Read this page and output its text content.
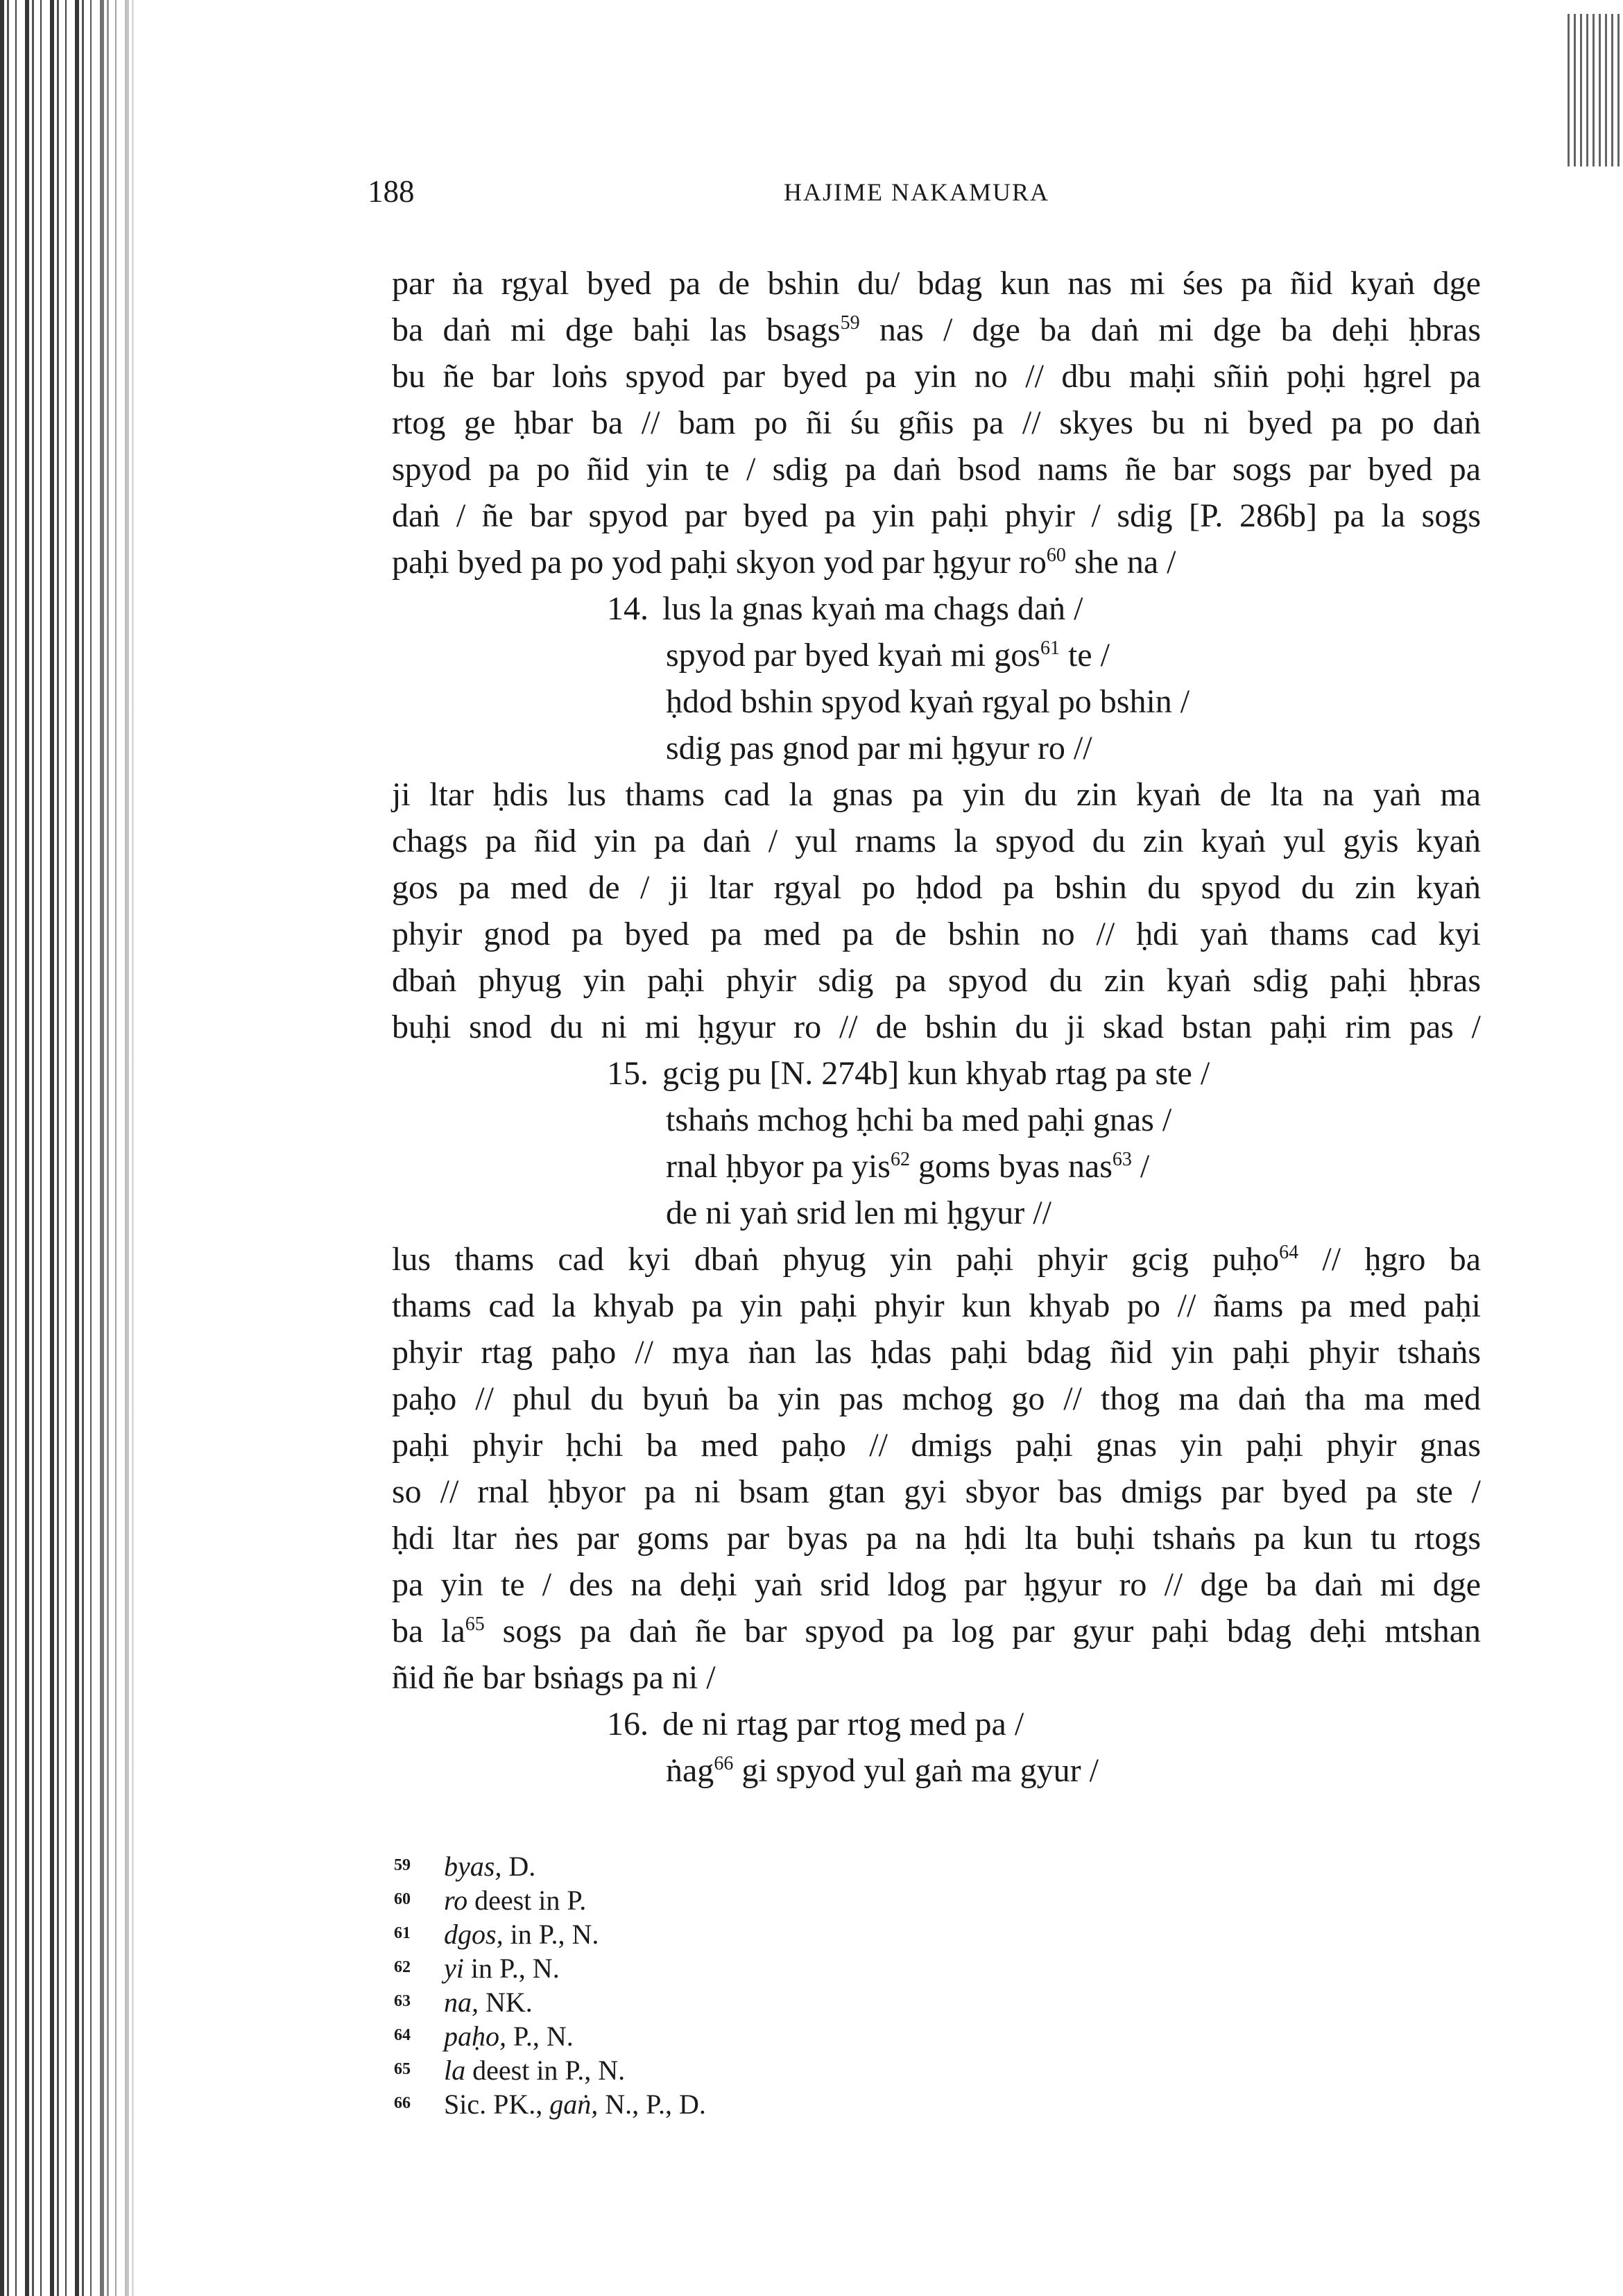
188	HAJIME NAKAMURA
par ṅa rgyal byed pa de bshin du/ bdag kun nas mi śes pa ñid kyaṅ dge
ba daṅ mi dge baḥi las bsags$^{59}$ nas / dge ba daṅ mi dge ba deḥi ḥbras
bu ñe bar loṅs spyod par byed pa yin no // dbu maḥi sñiṅ poḥi ḥgrel pa
rtog ge ḥbar ba // bam po ñi śu gñis pa // skyes bu ni byed pa po daṅ
spyod pa po ñid yin te / sdig pa daṅ bsod nams ñe bar sogs par byed pa
daṅ / ñe bar spyod par byed pa yin paḥi phyir / sdig [P. 286b] pa la sogs
paḥi byed pa po yod paḥi skyon yod par ḥgyur $ro^{60}$ she na /
14. lus la gnas kyaṅ ma chags daṅ /
spyod par byed kyaṅ mi gos$^{61}$ te /
ḥdod bshin spyod kyaṅ rgyal po bshin /
sdig pas gnod par mi ḥgyur ro //
ji ltar ḥdis lus thams cad la gnas pa yin du zin kyaṅ de lta na yaṅ ma
chags pa ñid yin pa daṅ / yul rnams la spyod du zin kyaṅ yul gyis kyaṅ
gos pa med de / ji ltar rgyal po ḥdod pa bshin du spyod du zin kyaṅ
phyir gnod pa byed pa med pa de bshin no // ḥdi yaṅ thams cad kyi
dbaṅ phyug yin paḥi phyir sdig pa spyod du zin kyaṅ sdig paḥi ḥbras
buḥi snod du ni mi ḥgyur ro // de bshin du ji skad bstan paḥi rim pas /
15. gcig pu [N. 274b] kun khyab rtag pa ste /
tshaṅs mchog ḥchi ba med paḥi gnas /
rnal ḥbyor pa yis$^{62}$ goms byas nas$^{63}$ /
de ni yaṅ srid len mi ḥgyur //
lus thams cad kyi dbaṅ phyug yin paḥi phyir gcig puḥo$^{64}$ // ḥgro ba
thams cad la khyab pa yin paḥi phyir kun khyab po // ñams pa med paḥi
phyir rtag paḥo // mya ṅan las ḥdas paḥi bdag ñid yin paḥi phyir tshaṅs
paḥo // phul du byuṅ ba yin pas mchog go // thog ma daṅ tha ma med
paḥi phyir ḥchi ba med paḥo // dmigs paḥi gnas yin paḥi phyir gnas
so // rnal ḥbyor pa ni bsam gtan gyi sbyor bas dmigs par byed pa ste /
ḥdi ltar ṅes par goms par byas pa na ḥdi lta buḥi tshaṅs pa kun tu rtogs
pa yin te / des na deḥi yaṅ srid ldog par ḥgyur ro // dge ba daṅ mi dge
ba $la^{65}$ sogs pa daṅ ñe bar spyod pa log par gyur paḥi bdag deḥi mtshan
ñid ñe bar bsṅags pa ni /
16. de ni rtag par rtog med pa /
ṅag$^{66}$ gi spyod yul gaṅ ma gyur /
59 byas, D.
60 ro deest in P.
61 dgos, in P., N.
62 yi in P., N.
63 na, NK.
64 paḥo, P., N.
65 la deest in P., N.
66 Sic. PK., gaṅ, N., P., D.
